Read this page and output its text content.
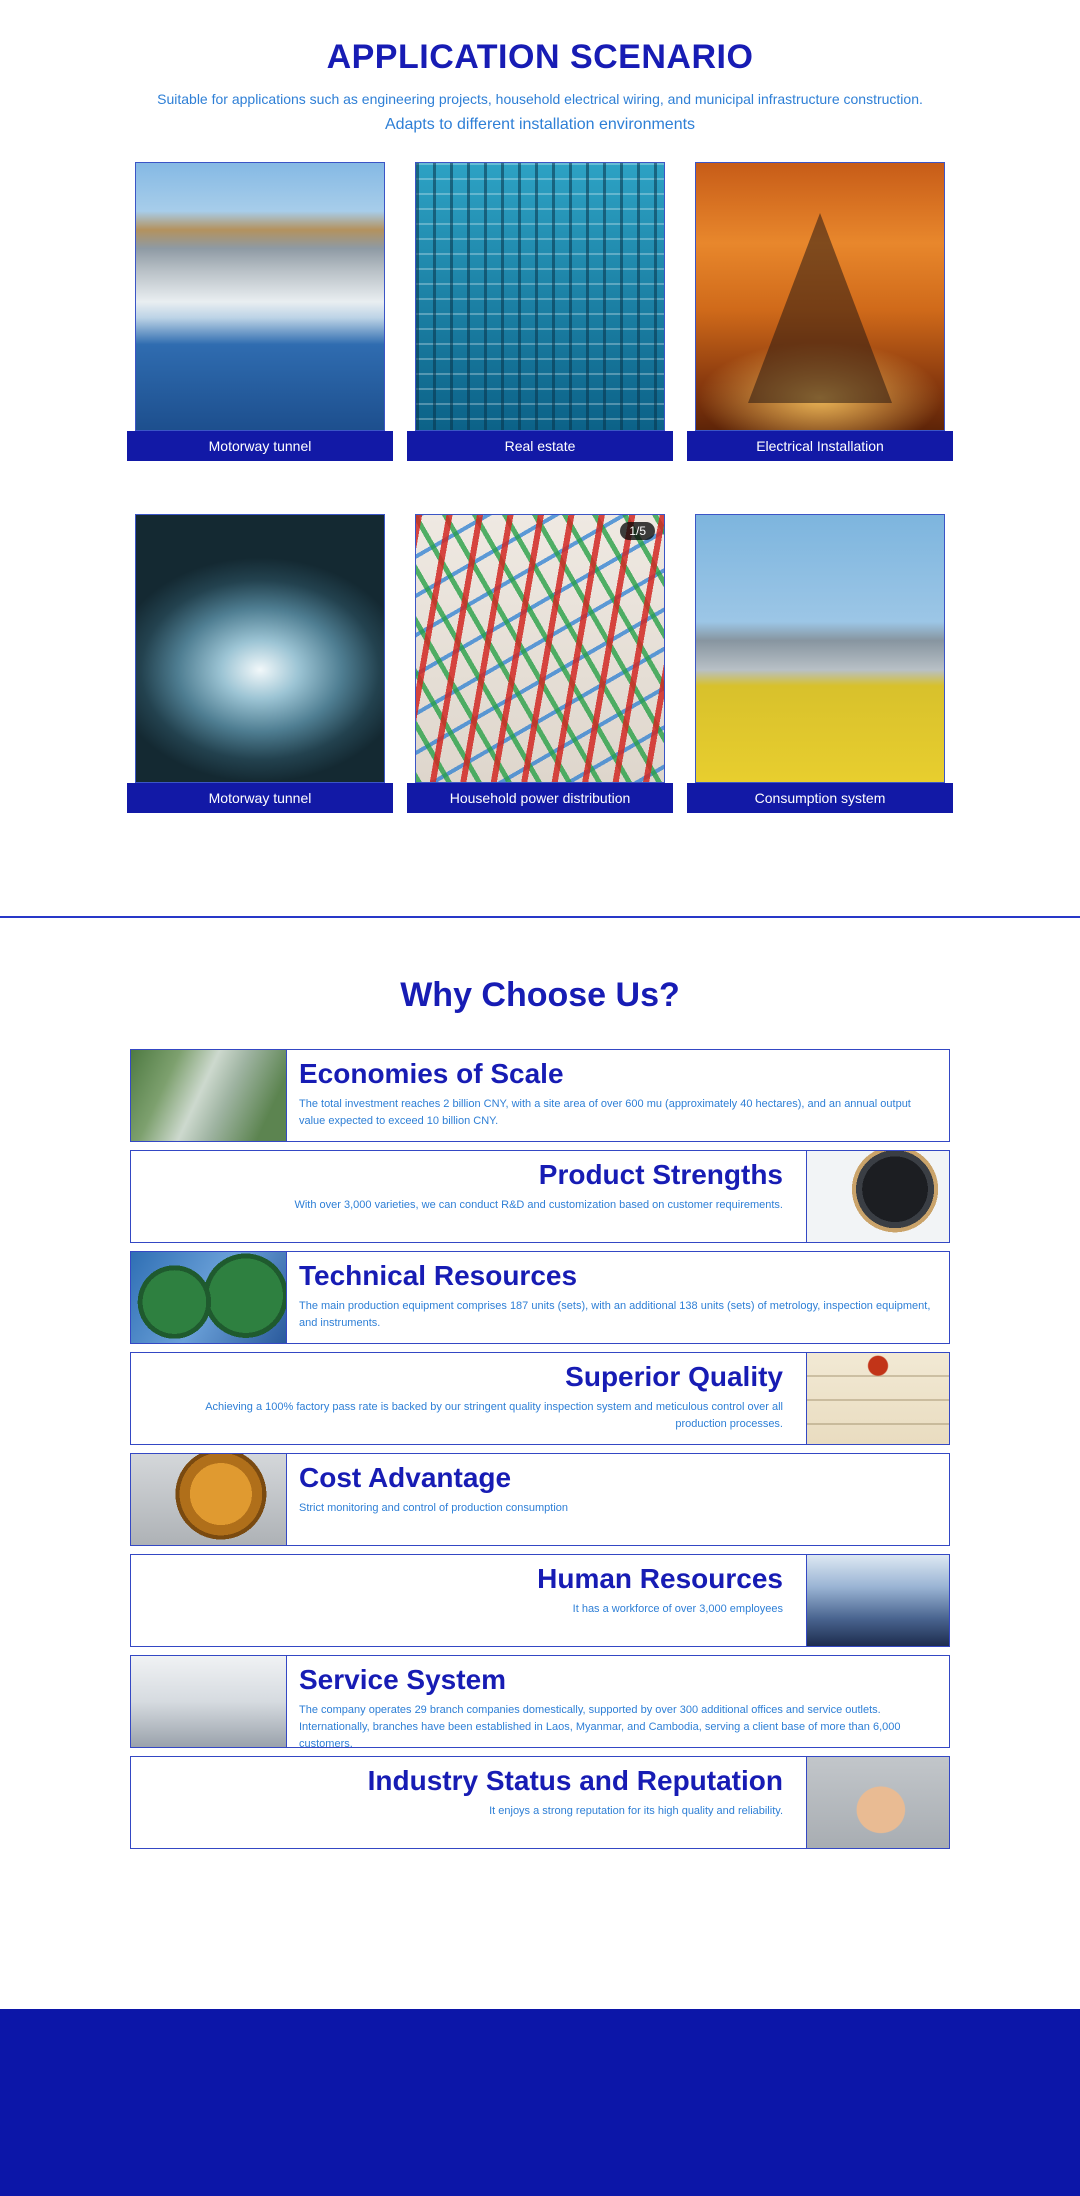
APPLICATION SCENARIO

Suitable for applications such as engineering projects, household electrical wiring, and municipal infrastructure construction.

Adapts to different installation environments

Motorway tunnel	Real estate	Electrical Installation
Motorway tunnel
1/5
Household power distribution	Consumption system
Why Choose Us?
Economies of Scale

The total investment reaches 2 billion CNY, with a site area of over 600 mu (approximately 40 hectares), and an annual output value expected to exceed 10 billion CNY.

Product Strengths

With over 3,000 varieties, we can conduct R&D and customization based on customer requirements.

Technical Resources

The main production equipment comprises 187 units (sets), with an additional 138 units (sets) of metrology, inspection equipment, and instruments.

Superior Quality

Achieving a 100% factory pass rate is backed by our stringent quality inspection system and meticulous control over all production processes.

Cost Advantage

Strict monitoring and control of production consumption

Human Resources

It has a workforce of over 3,000 employees

Service System

The company operates 29 branch companies domestically, supported by over 300 additional offices and service outlets. Internationally, branches have been established in Laos, Myanmar, and Cambodia, serving a client base of more than 6,000 customers.

Industry Status and Reputation

It enjoys a strong reputation for its high quality and reliability.
